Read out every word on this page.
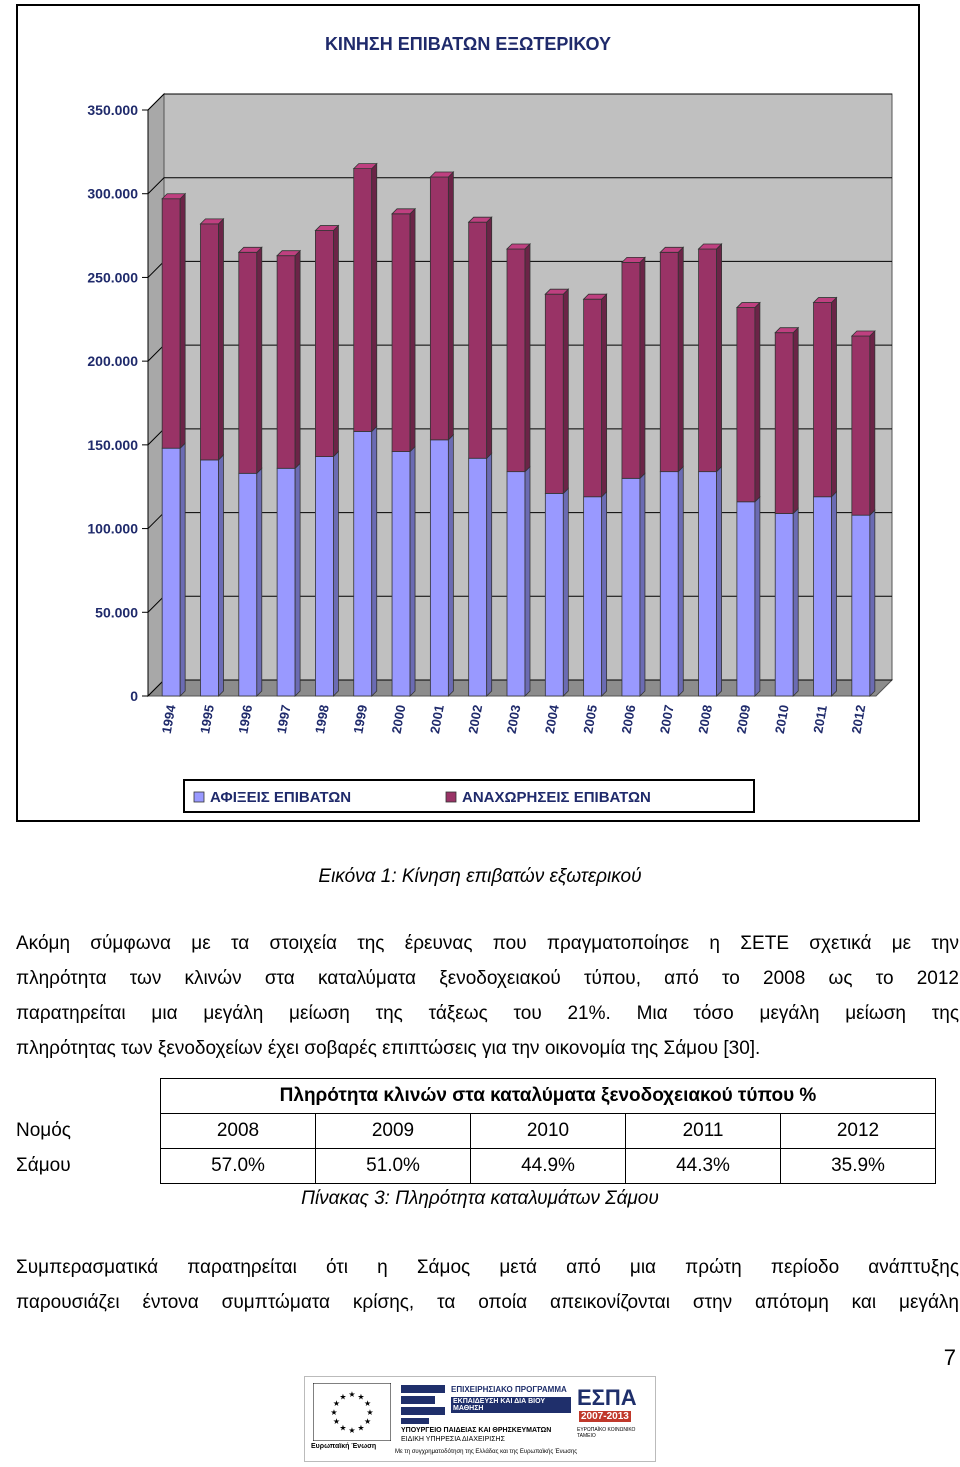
ΚΙΝΗΣΗ ΕΠΙΒΑΤΩΝ ΕΞΩΤΕΡΙΚΟΥ
0
50.000
100.000
150.000
200.000
250.000
300.000
350.000
1994 1995 1996 1997 1998 1999 2000 2001 2002 2003 2004 2005 2006 2007 2008 2009 2010 2011 2012
ΑΦΙΞΕΙΣ ΕΠΙΒΑΤΩΝ	ΑΝΑΧΩΡΗΣΕΙΣ ΕΠΙΒΑΤΩΝ
Εικόνα 1: Κίνηση επιβατών εξωτερικού
Ακόμη σύμφωνα με τα στοιχεία της έρευνας που πραγματοποίησε η ΣΕΤΕ σχετικά με την
πληρότητα των κλινών στα καταλύματα ξενοδοχειακού τύπου, από το 2008 ως το 2012
παρατηρείται μια μεγάλη μείωση της τάξεως του 21%. Μια τόσο μεγάλη μείωση της
πληρότητας των ξενοδοχείων έχει σοβαρές επιπτώσεις για την οικονομία της Σάμου [30].
	Πληρότητα κλινών στα καταλύματα ξενοδοχειακού τύπου %				
Νομός	2008	2009	2010	2011	2012
Σάμου	57.0%	51.0%	44.9%	44.3%	35.9%
Πίνακας 3: Πληρότητα καταλυμάτων Σάμου
Συμπερασματικά παρατηρείται ότι η Σάμος μετά από μια πρώτη περίοδο ανάπτυξης
παρουσιάζει έντονα συμπτώματα κρίσης, τα οποία απεικονίζονται στην απότομη και μεγάλη
7
★
★
★
★
★
★
★
★
★ ★ ★
★
Ευρωπαϊκή Ένωση
ΕΠΙΧΕΙΡΗΣΙΑΚΟ ΠΡΟΓΡΑΜΜΑ
ΕΚΠΑΙΔΕΥΣΗ ΚΑΙ ΔΙΑ ΒΙΟΥ ΜΑΘΗΣΗ
ΥΠΟΥΡΓΕΙΟ ΠΑΙΔΕΙΑΣ ΚΑΙ ΘΡΗΣΚΕΥΜΑΤΩΝ
ΕΙΔΙΚΗ ΥΠΗΡΕΣΙΑ ΔΙΑΧΕΙΡΙΣΗΣ
ΕΣΠΑ
2007-2013
ΕΥΡΩΠΑΪΚΟ ΚΟΙΝΩΝΙΚΟ ΤΑΜΕΙΟ
Με τη συγχρηματοδότηση της Ελλάδας και της Ευρωπαϊκής Ένωσης
